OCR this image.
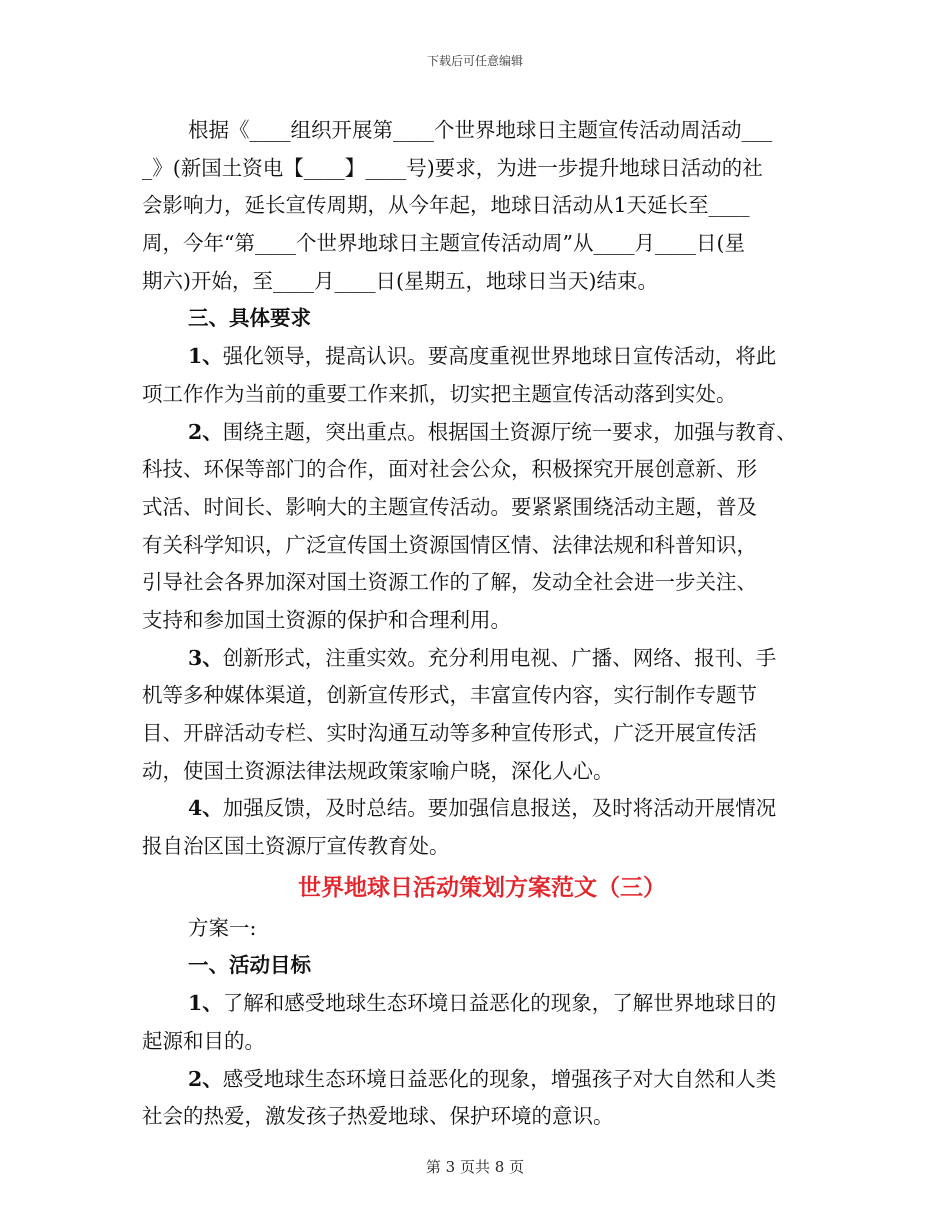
下载后可任意编辑
根据《____组织开展第____个世界地球日主题宣传活动周活动___
_》(新国土资电【____】____号)要求，为进一步提升地球日活动的社
会影响力，延长宣传周期，从今年起，地球日活动从1天延长至____
周，今年“第____个世界地球日主题宣传活动周”从____月____日(星
期六)开始，至____月____日(星期五，地球日当天)结束。
三、具体要求
1、强化领导，提高认识。要高度重视世界地球日宣传活动，将此
项工作作为当前的重要工作来抓，切实把主题宣传活动落到实处。
2、围绕主题，突出重点。根据国土资源厅统一要求，加强与教育、
科技、环保等部门的合作，面对社会公众，积极探究开展创意新、形
式活、时间长、影响大的主题宣传活动。要紧紧围绕活动主题，普及
有关科学知识，广泛宣传国土资源国情区情、法律法规和科普知识，
引导社会各界加深对国土资源工作的了解，发动全社会进一步关注、
支持和参加国土资源的保护和合理利用。
3、创新形式，注重实效。充分利用电视、广播、网络、报刊、手
机等多种媒体渠道，创新宣传形式，丰富宣传内容，实行制作专题节
目、开辟活动专栏、实时沟通互动等多种宣传形式，广泛开展宣传活
动，使国土资源法律法规政策家喻户晓，深化人心。
4、加强反馈，及时总结。要加强信息报送，及时将活动开展情况
报自治区国土资源厅宣传教育处。
世界地球日活动策划方案范文（三）
方案一:
一、活动目标
1、了解和感受地球生态环境日益恶化的现象，了解世界地球日的
起源和目的。
2、感受地球生态环境日益恶化的现象，增强孩子对大自然和人类
社会的热爱，激发孩子热爱地球、保护环境的意识。
第 3 页共 8 页
